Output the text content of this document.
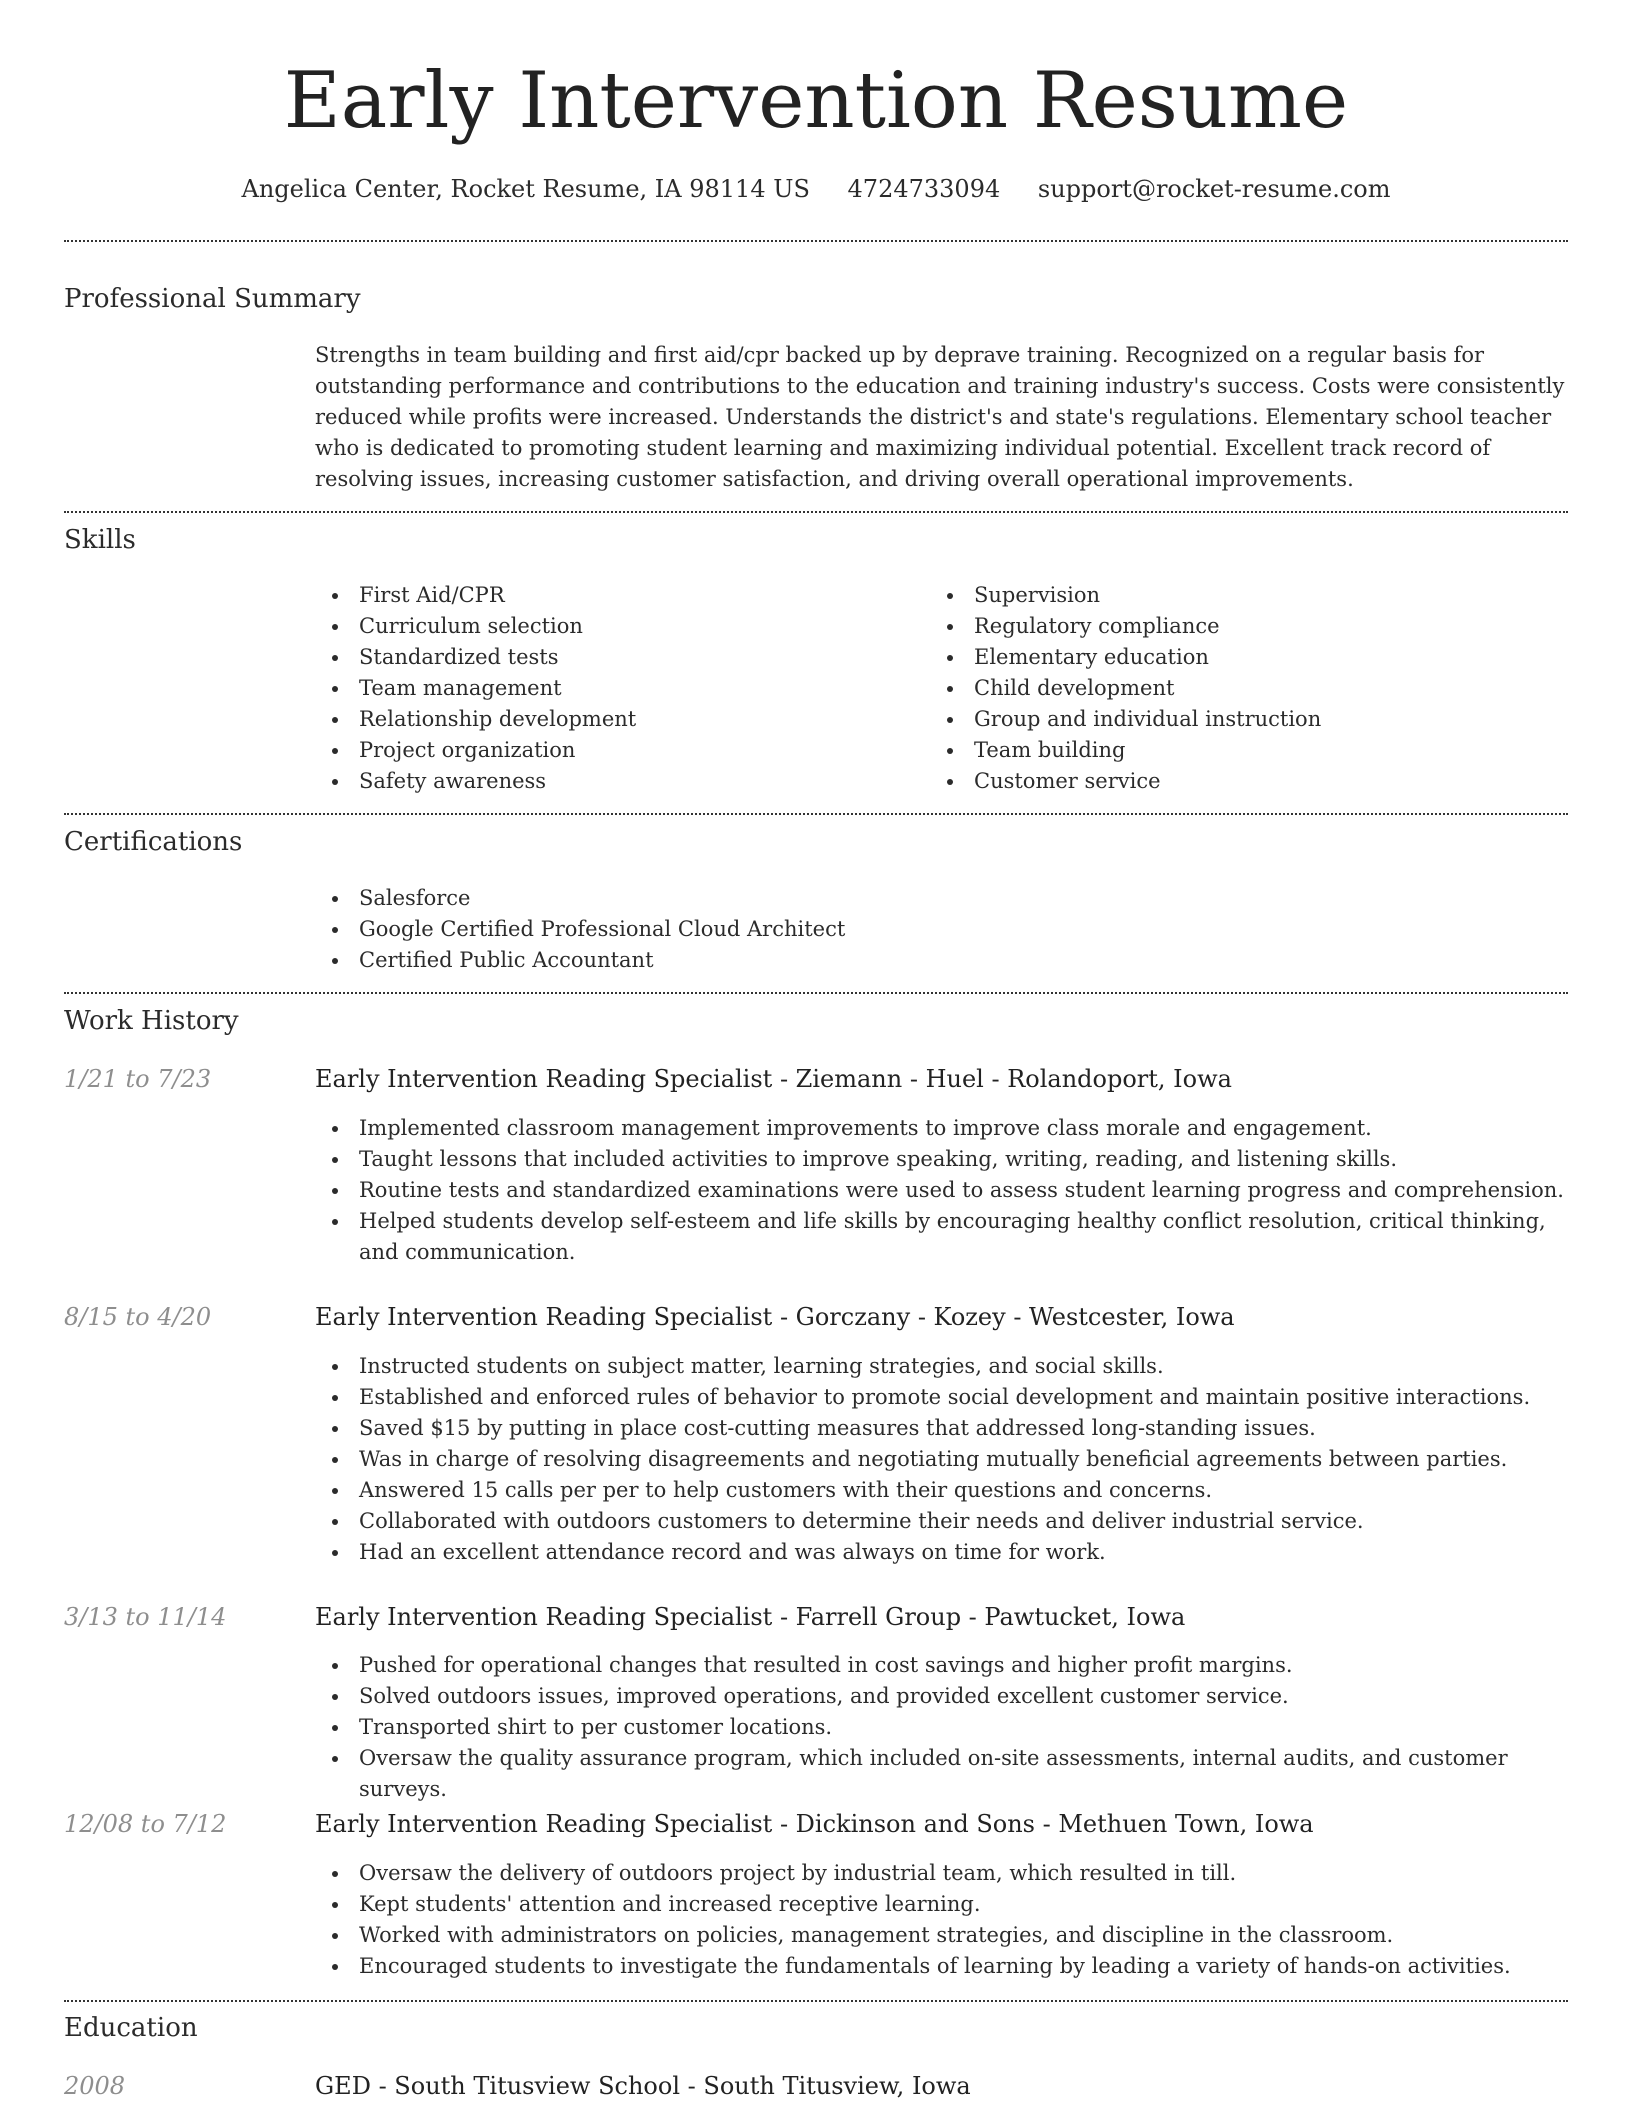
Early Intervention Resume
Angelica Center, Rocket Resume, IA 98114 US 4724733094 support@rocket-resume.com
Professional Summary

Strengths in team building and first aid/cpr backed up by deprave training. Recognized on a regular basis for outstanding performance and contributions to the education and training industry's success. Costs were consistently reduced while profits were increased. Understands the district's and state's regulations. Elementary school teacher who is dedicated to promoting student learning and maximizing individual potential. Excellent track record of resolving issues, increasing customer satisfaction, and driving overall operational improvements.

Skills
First Aid/CPR
Curriculum selection
Standardized tests
Team management
Relationship development
Project organization
Safety awareness
Supervision
Regulatory compliance
Elementary education
Child development
Group and individual instruction
Team building
Customer service
Certifications
Salesforce
Google Certified Professional Cloud Architect
Certified Public Accountant
Work History
1/21 to 7/23	Early Intervention Reading Specialist - Ziemann - Huel - Rolandoport, Iowa
Implemented classroom management improvements to improve class morale and engagement.
Taught lessons that included activities to improve speaking, writing, reading, and listening skills.
Routine tests and standardized examinations were used to assess student learning progress and comprehension.
Helped students develop self-esteem and life skills by encouraging healthy conflict resolution, critical thinking, and communication.
8/15 to 4/20	Early Intervention Reading Specialist - Gorczany - Kozey - Westcester, Iowa
Instructed students on subject matter, learning strategies, and social skills.
Established and enforced rules of behavior to promote social development and maintain positive interactions.
Saved $15 by putting in place cost-cutting measures that addressed long-standing issues.
Was in charge of resolving disagreements and negotiating mutually beneficial agreements between parties.
Answered 15 calls per per to help customers with their questions and concerns.
Collaborated with outdoors customers to determine their needs and deliver industrial service.
Had an excellent attendance record and was always on time for work.
3/13 to 11/14	Early Intervention Reading Specialist - Farrell Group - Pawtucket, Iowa
Pushed for operational changes that resulted in cost savings and higher profit margins.
Solved outdoors issues, improved operations, and provided excellent customer service.
Transported shirt to per customer locations.
Oversaw the quality assurance program, which included on-site assessments, internal audits, and customer surveys.
12/08 to 7/12	Early Intervention Reading Specialist - Dickinson and Sons - Methuen Town, Iowa
Oversaw the delivery of outdoors project by industrial team, which resulted in till.
Kept students' attention and increased receptive learning.
Worked with administrators on policies, management strategies, and discipline in the classroom.
Encouraged students to investigate the fundamentals of learning by leading a variety of hands-on activities.
Education
2008	GED - South Titusview School - South Titusview, Iowa
